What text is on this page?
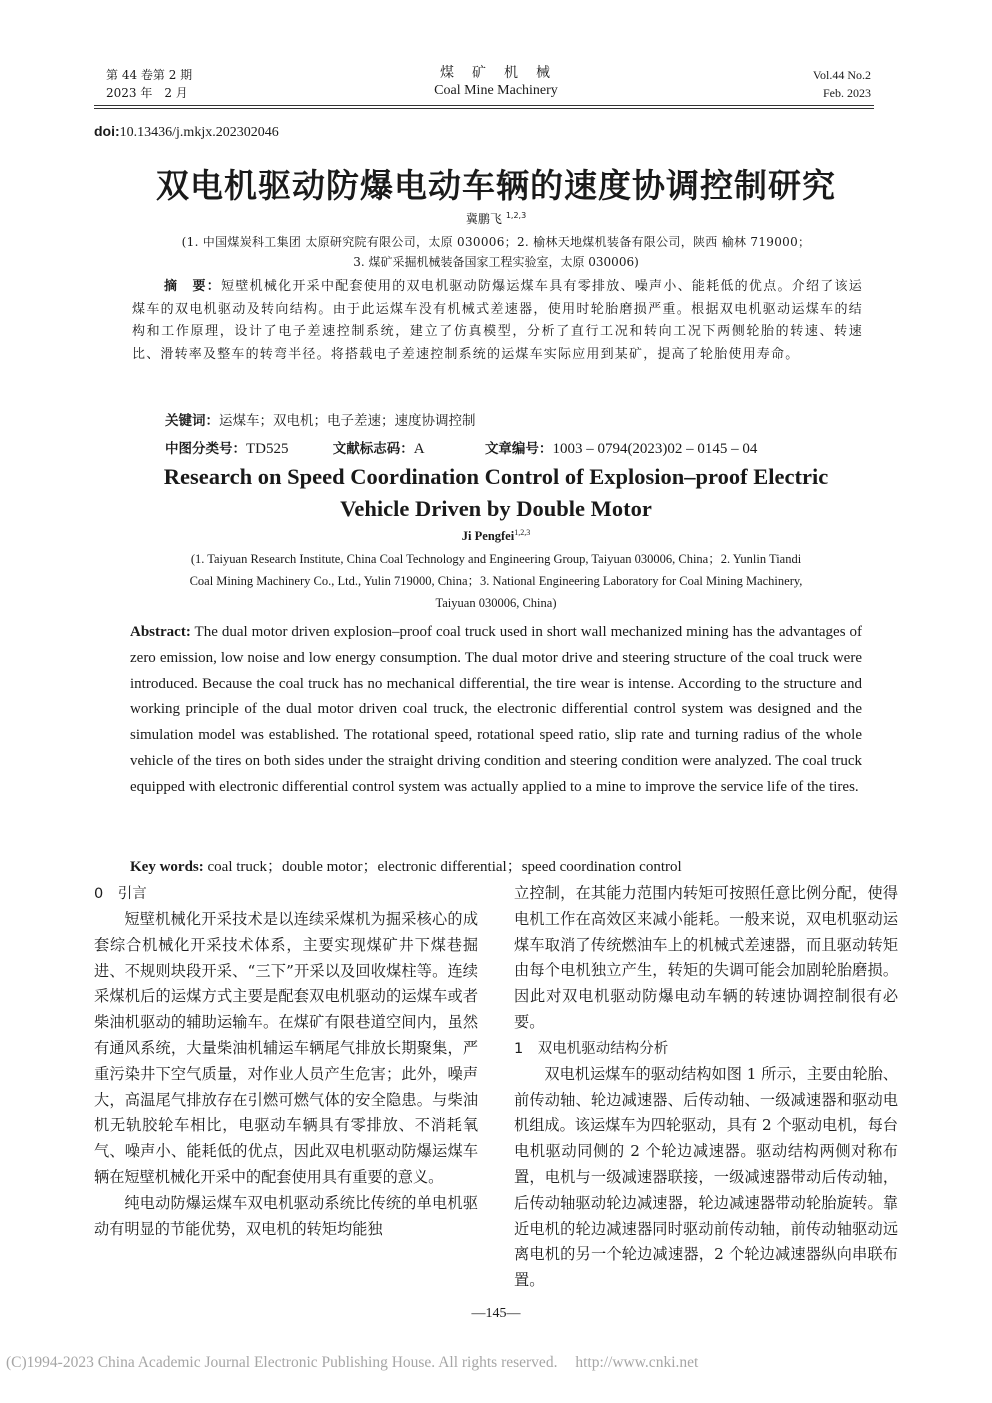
第 44 卷第 2 期
2023 年　2 月
煤　矿　机　械
Coal Mine Machinery
Vol.44 No.2
Feb. 2023
doi:10.13436/j.mkjx.202302046
双电机驱动防爆电动车辆的速度协调控制研究
冀鹏飞 $^{1,2,3}$
(1. 中国煤炭科工集团 太原研究院有限公司，太原 030006；2. 榆林天地煤机装备有限公司，陕西 榆林 719000；
3. 煤矿采掘机械装备国家工程实验室，太原 030006)
摘　要：短壁机械化开采中配套使用的双电机驱动防爆运煤车具有零排放、噪声小、能耗低的优点。介绍了该运煤车的双电机驱动及转向结构。由于此运煤车没有机械式差速器，使用时轮胎磨损严重。根据双电机驱动运煤车的结构和工作原理，设计了电子差速控制系统，建立了仿真模型，分析了直行工况和转向工况下两侧轮胎的转速、转速比、滑转率及整车的转弯半径。将搭载电子差速控制系统的运煤车实际应用到某矿，提高了轮胎使用寿命。
关键词：运煤车；双电机；电子差速；速度协调控制
中图分类号：TD525	文献标志码：A	文章编号：1003 – 0794(2023)02 – 0145 – 04
Research on Speed Coordination Control of Explosion–proof Electric
Vehicle Driven by Double Motor
Ji Pengfei$^{1,2,3}$
(1. Taiyuan Research Institute, China Coal Technology and Engineering Group, Taiyuan 030006, China；2. Yunlin Tiandi
Coal Mining Machinery Co., Ltd., Yulin 719000, China；3. National Engineering Laboratory for Coal Mining Machinery,
Taiyuan 030006, China)
Abstract: The dual motor driven explosion–proof coal truck used in short wall mechanized mining has the advantages of zero emission, low noise and low energy consumption. The dual motor drive and steering structure of the coal truck were introduced. Because the coal truck has no mechanical differential, the tire wear is intense. According to the structure and working principle of the dual motor driven coal truck, the electronic differential control system was designed and the simulation model was established. The rotational speed, rotational speed ratio, slip rate and turning radius of the whole vehicle of the tires on both sides under the straight driving condition and steering condition were analyzed. The coal truck equipped with electronic differential control system was actually applied to a mine to improve the service life of the tires.
Key words: coal truck；double motor；electronic differential；speed coordination control
0　引言

短壁机械化开采技术是以连续采煤机为掘采核心的成套综合机械化开采技术体系，主要实现煤矿井下煤巷掘进、不规则块段开采、“三下”开采以及回收煤柱等。连续采煤机后的运煤方式主要是配套双电机驱动的运煤车或者柴油机驱动的辅助运输车。在煤矿有限巷道空间内，虽然有通风系统，大量柴油机辅运车辆尾气排放长期聚集，严重污染井下空气质量，对作业人员产生危害；此外，噪声大，高温尾气排放存在引燃可燃气体的安全隐患。与柴油机无轨胶轮车相比，电驱动车辆具有零排放、不消耗氧气、噪声小、能耗低的优点，因此双电机驱动防爆运煤车辆在短壁机械化开采中的配套使用具有重要的意义。

纯电动防爆运煤车双电机驱动系统比传统的单电机驱动有明显的节能优势，双电机的转矩均能独

立控制，在其能力范围内转矩可按照任意比例分配，使得电机工作在高效区来减小能耗。一般来说，双电机驱动运煤车取消了传统燃油车上的机械式差速器，而且驱动转矩由每个电机独立产生，转矩的失调可能会加剧轮胎磨损。因此对双电机驱动防爆电动车辆的转速协调控制很有必要。

1　双电机驱动结构分析

双电机运煤车的驱动结构如图 1 所示，主要由轮胎、前传动轴、轮边减速器、后传动轴、一级减速器和驱动电机组成。该运煤车为四轮驱动，具有 2 个驱动电机，每台电机驱动同侧的 2 个轮边减速器。驱动结构两侧对称布置，电机与一级减速器联接，一级减速器带动后传动轴，后传动轴驱动轮边减速器，轮边减速器带动轮胎旋转。靠近电机的轮边减速器同时驱动前传动轴，前传动轴驱动远离电机的另一个轮边减速器，2 个轮边减速器纵向串联布置。

—145—
(C)1994-2023 China Academic Journal Electronic Publishing House. All rights reserved. http://www.cnki.net
